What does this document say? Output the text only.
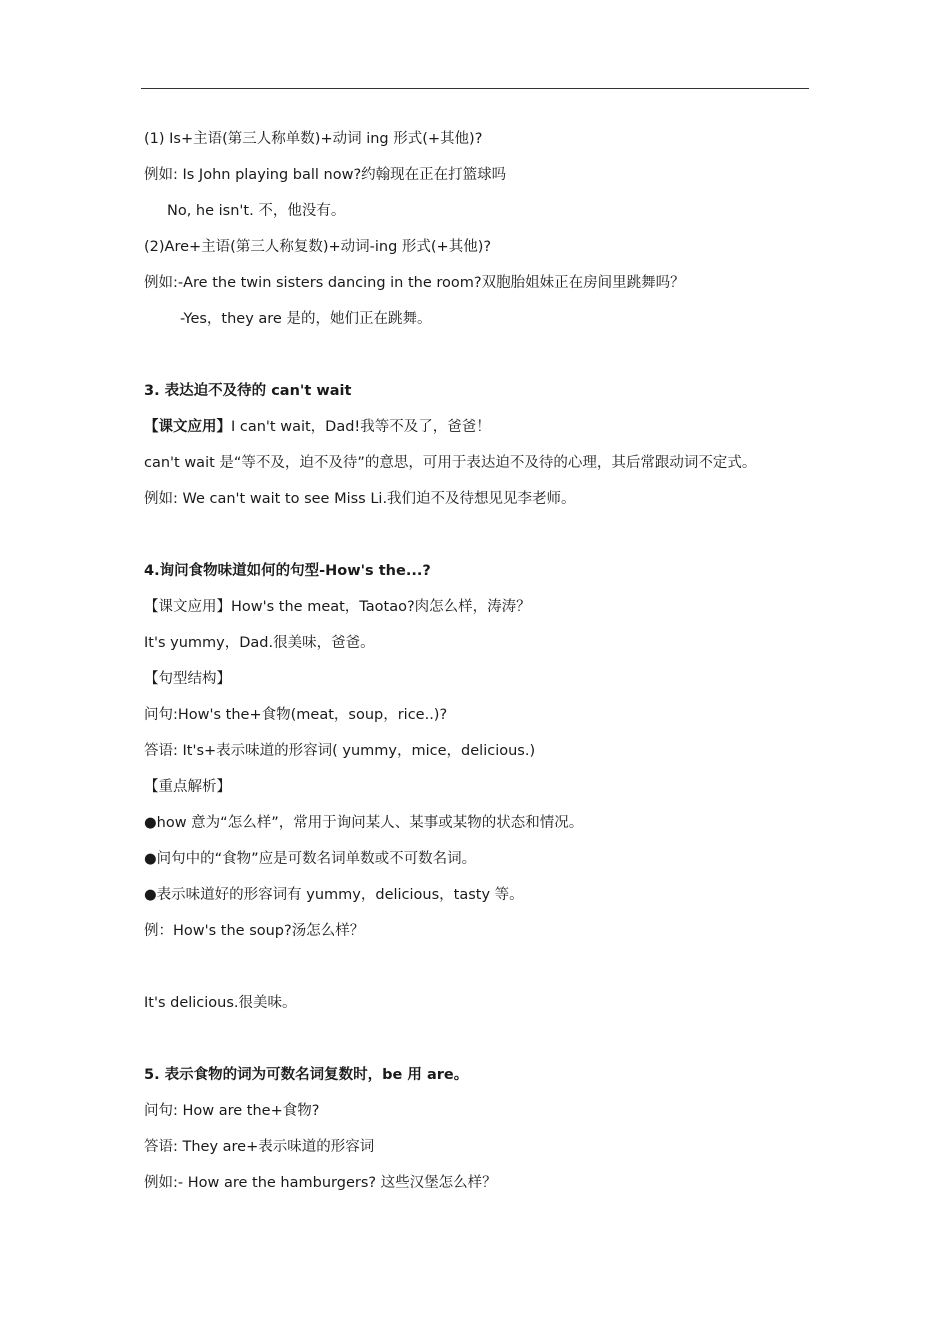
(1) Is+主语(第三人称单数)+动词 ing 形式(+其他)?
例如: Is John playing ball now?约翰现在正在打篮球吗
No, he isn't. 不，他没有。
(2)Are+主语(第三人称复数)+动词-ing 形式(+其他)?
例如:-Are the twin sisters dancing in the room?双胞胎姐妹正在房间里跳舞吗？
-Yes，they are 是的，她们正在跳舞。
3. 表达迫不及待的 can't wait
【课文应用】I can't wait，Dad!我等不及了，爸爸！
can't wait 是“等不及，迫不及待”的意思，可用于表达迫不及待的心理，其后常跟动词不定式。
例如: We can't wait to see Miss Li.我们迫不及待想见见李老师。
4.询问食物味道如何的句型-How's the...?
【课文应用】How's the meat，Taotao?肉怎么样，涛涛？
It's yummy，Dad.很美味，爸爸。
【句型结构】
问句:How's the+食物(meat，soup，rice..)?
答语: It's+表示味道的形容词( yummy，mice，delicious.)
【重点解析】
●how 意为“怎么样”，常用于询问某人、某事或某物的状态和情况。
●问句中的“食物”应是可数名词单数或不可数名词。
●表示味道好的形容词有 yummy，delicious，tasty 等。
例：How's the soup?汤怎么样？
It's delicious.很美味。
5. 表示食物的词为可数名词复数时，be 用 are。
问句: How are the+食物?
答语: They are+表示味道的形容词
例如:- How are the hamburgers? 这些汉堡怎么样？
